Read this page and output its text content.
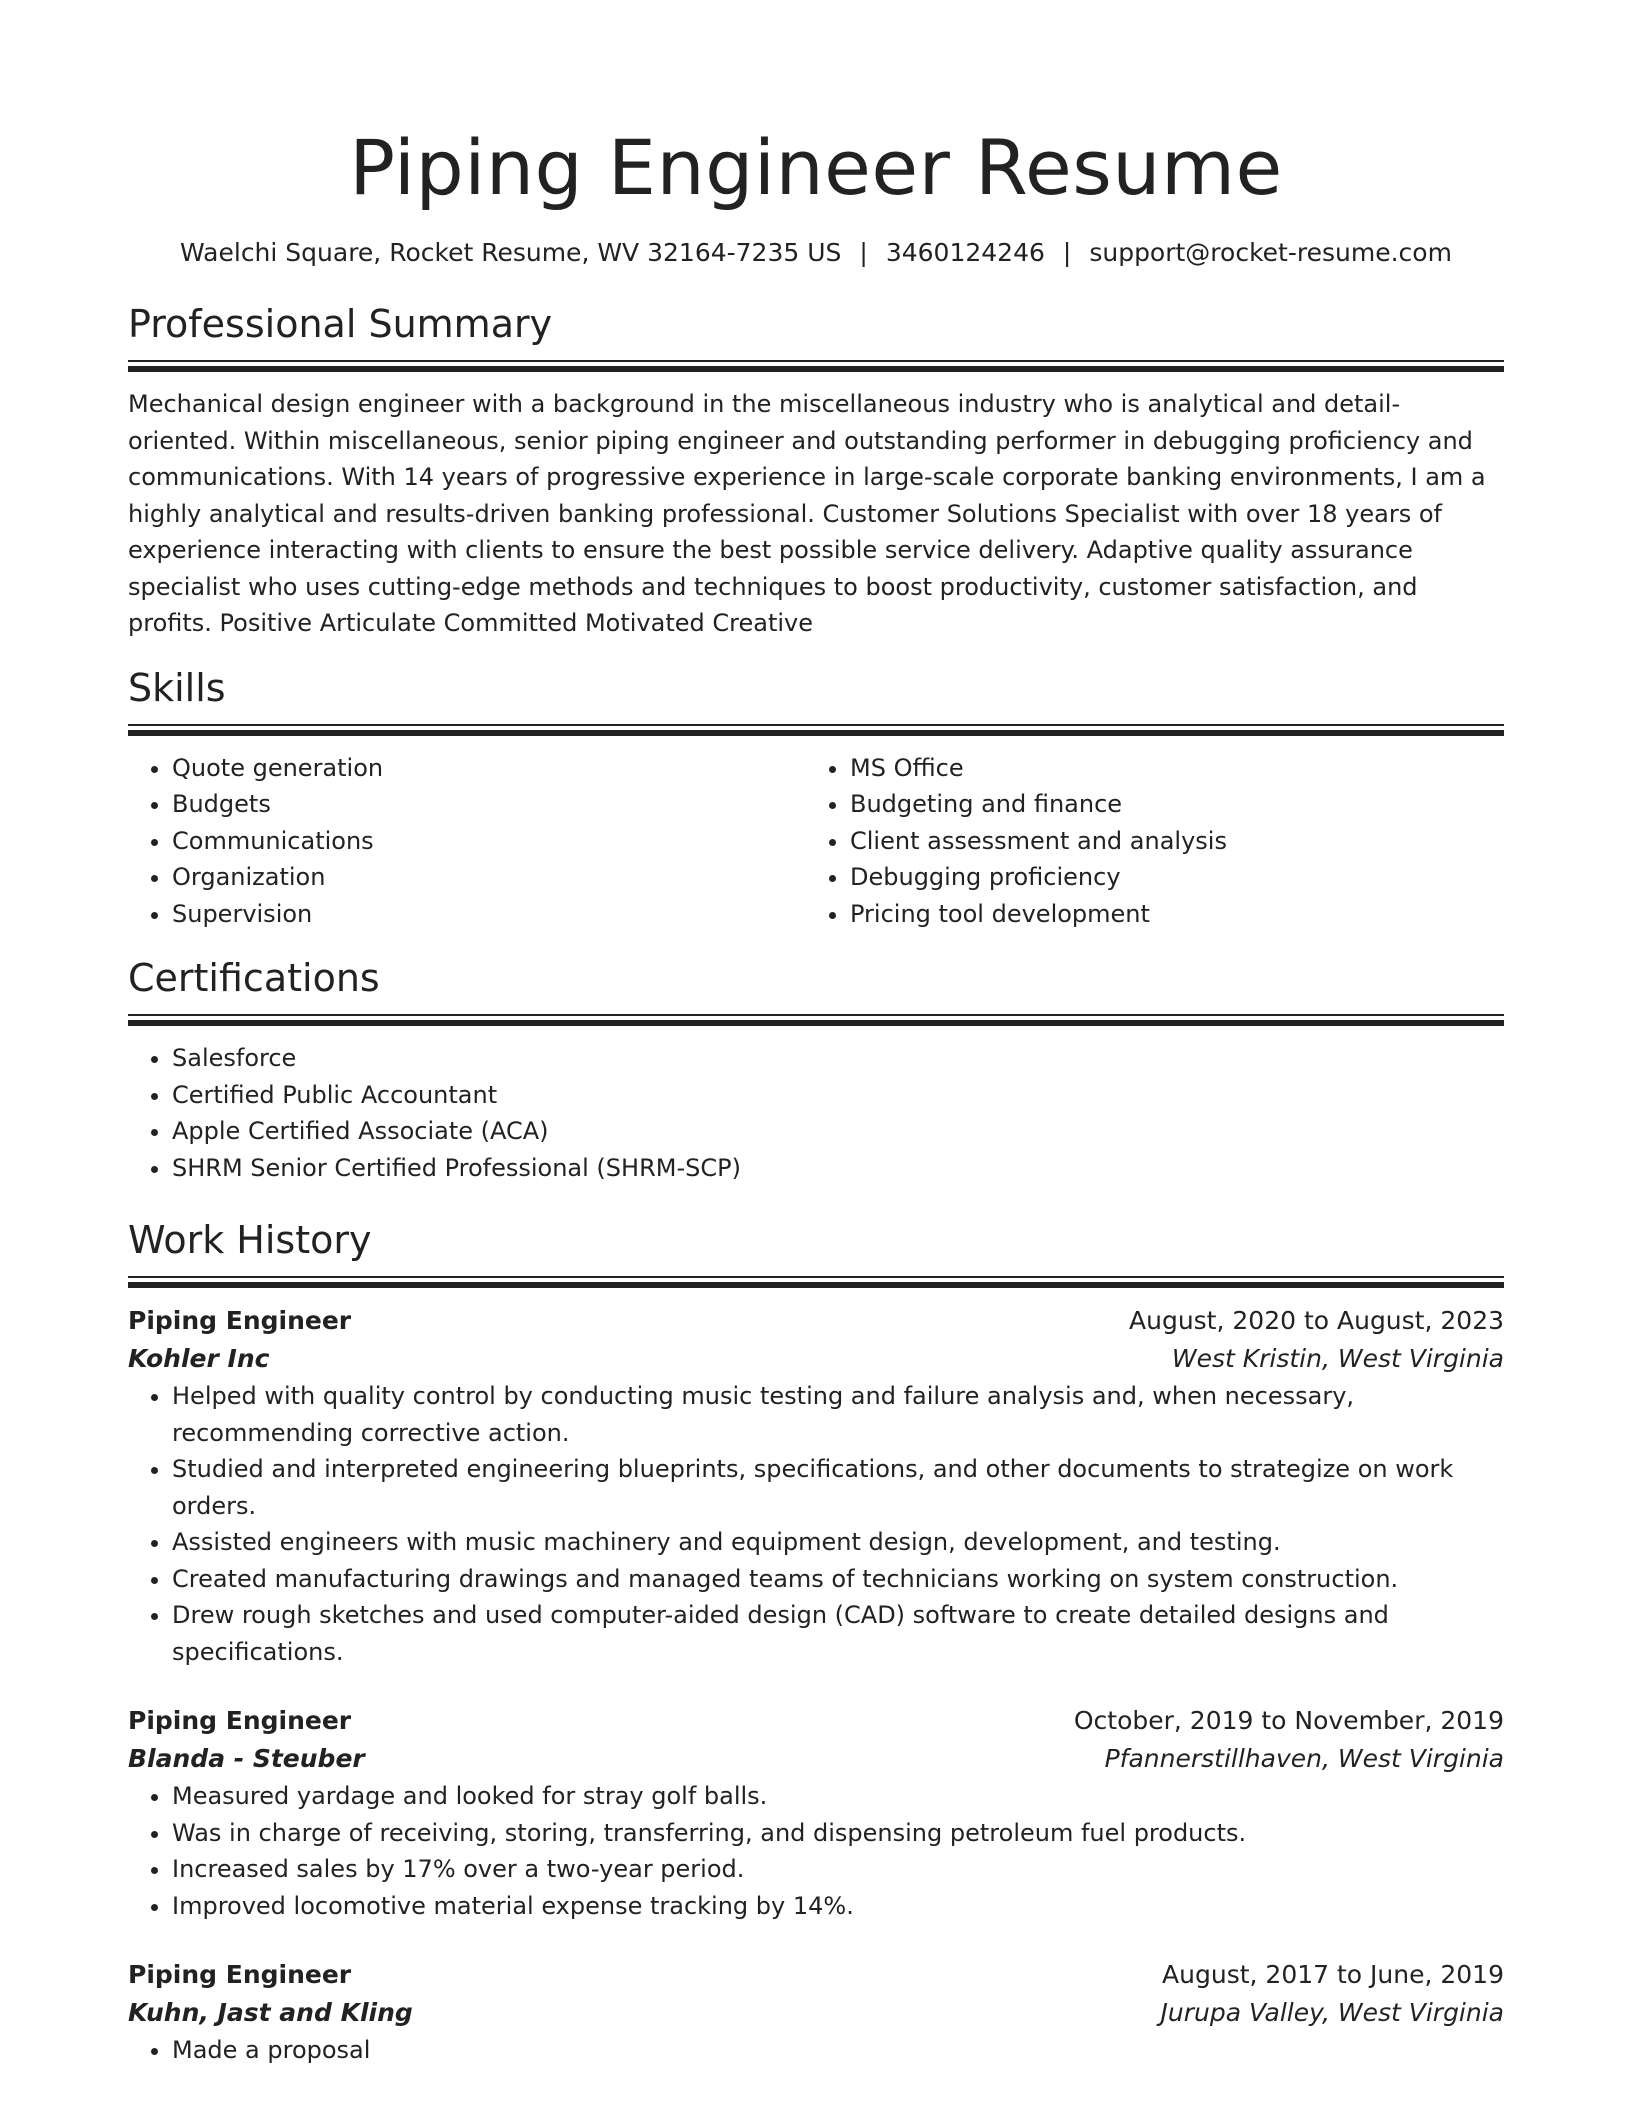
Piping Engineer Resume
Waelchi Square, Rocket Resume, WV 32164-7235 US | 3460124246 | support@rocket-resume.com
Professional Summary
Mechanical design engineer with a background in the miscellaneous industry who is analytical and detail-oriented. Within miscellaneous, senior piping engineer and outstanding performer in debugging proficiency and communications. With 14 years of progressive experience in large-scale corporate banking environments, I am a highly analytical and results-driven banking professional. Customer Solutions Specialist with over 18 years of experience interacting with clients to ensure the best possible service delivery. Adaptive quality assurance specialist who uses cutting-edge methods and techniques to boost productivity, customer satisfaction, and profits. Positive Articulate Committed Motivated Creative
Skills
• Quote generation
• Budgets
• Communications
• Organization
• Supervision
• MS Office
• Budgeting and finance
• Client assessment and analysis
• Debugging proficiency
• Pricing tool development
Certifications
• Salesforce
• Certified Public Accountant
• Apple Certified Associate (ACA)
• SHRM Senior Certified Professional (SHRM-SCP)
Work History
Piping Engineer	August, 2020 to August, 2023
Kohler Inc	West Kristin, West Virginia
• Helped with quality control by conducting music testing and failure analysis and, when necessary, recommending corrective action.
• Studied and interpreted engineering blueprints, specifications, and other documents to strategize on work orders.
• Assisted engineers with music machinery and equipment design, development, and testing.
• Created manufacturing drawings and managed teams of technicians working on system construction.
• Drew rough sketches and used computer-aided design (CAD) software to create detailed designs and specifications.
Piping Engineer	October, 2019 to November, 2019
Blanda - Steuber	Pfannerstillhaven, West Virginia
• Measured yardage and looked for stray golf balls.
• Was in charge of receiving, storing, transferring, and dispensing petroleum fuel products.
• Increased sales by 17% over a two-year period.
• Improved locomotive material expense tracking by 14%.
Piping Engineer	August, 2017 to June, 2019
Kuhn, Jast and Kling	Jurupa Valley, West Virginia
• Made a proposal
